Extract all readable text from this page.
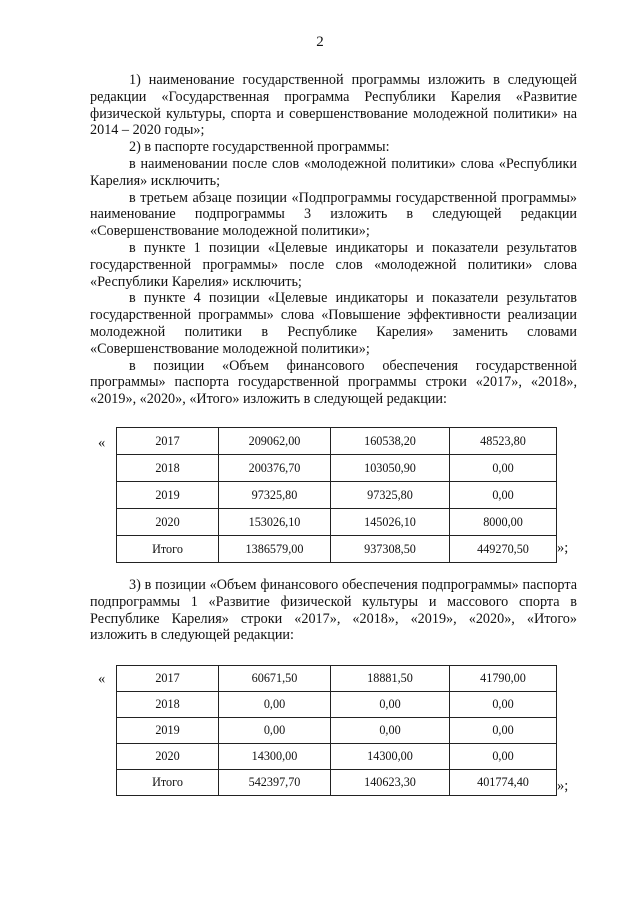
2

1) наименование государственной программы изложить в следующей редакции «Государственная программа Республики Карелия «Развитие физической культуры, спорта и совершенствование молодежной политики» на 2014 – 2020 годы»;

2) в паспорте государственной программы:

в наименовании после слов «молодежной политики» слова «Республики Карелия» исключить;

в третьем абзаце позиции «Подпрограммы государственной программы» наименование подпрограммы 3 изложить в следующей редакции «Совершенствование молодежной политики»;

в пункте 1 позиции «Целевые индикаторы и показатели результатов государственной программы» после слов «молодежной политики» слова «Республики Карелия» исключить;

в пункте 4 позиции «Целевые индикаторы и показатели результатов государственной программы» слова «Повышение эффективности реализации молодежной политики в Республике Карелия» заменить словами «Совершенствование молодежной политики»;

в позиции «Объем финансового обеспечения государственной программы» паспорта государственной программы строки «2017», «2018», «2019», «2020», «Итого» изложить в следующей редакции:

«	2017	209062,00	160538,20	48523,80
2018	200376,70	103050,90	0,00
2019	97325,80	97325,80	0,00
2020	153026,10	145026,10	8000,00
Итого	1386579,00	937308,50	449270,50 »;

3) в позиции «Объем финансового обеспечения подпрограммы» паспорта подпрограммы 1 «Развитие физической культуры и массового спорта в Республике Карелия» строки «2017», «2018», «2019», «2020», «Итого» изложить в следующей редакции:

«	2017	60671,50	18881,50	41790,00
2018	0,00	0,00	0,00
2019	0,00	0,00	0,00
2020	14300,00	14300,00	0,00
Итого	542397,70	140623,30	401774,40 »;
